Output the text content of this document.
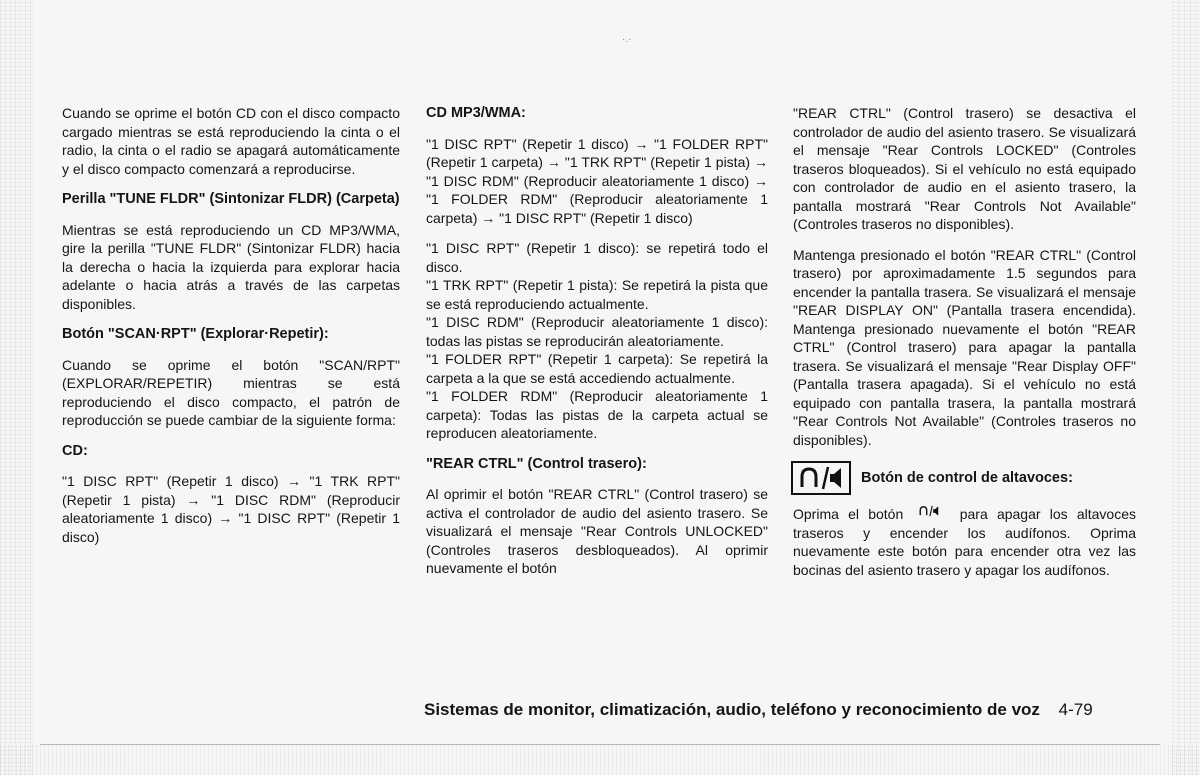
·.·

Cuando se oprime el botón CD con el disco compacto cargado mientras se está reproduciendo la cinta o el radio, la cinta o el radio se apagará automáticamente y el disco compacto comenzará a reproducirse.

Perilla "TUNE FLDR" (Sintonizar FLDR) (Carpeta)

Mientras se está reproduciendo un CD MP3/WMA, gire la perilla "TUNE FLDR" (Sintonizar FLDR) hacia la derecha o hacia la izquierda para explorar hacia adelante o hacia atrás a través de las carpetas disponibles.

Botón "SCAN·RPT" (Explorar·Repetir):

Cuando se oprime el botón "SCAN/RPT" (EXPLORAR/REPETIR) mientras se está reproduciendo el disco compacto, el patrón de reproducción se puede cambiar de la siguiente forma:

CD:

"1 DISC RPT" (Repetir 1 disco) → "1 TRK RPT" (Repetir 1 pista) → "1 DISC RDM" (Reproducir aleatoriamente 1 disco) → "1 DISC RPT" (Repetir 1 disco)

CD MP3/WMA:

"1 DISC RPT" (Repetir 1 disco) → "1 FOLDER RPT" (Repetir 1 carpeta) → "1 TRK RPT" (Repetir 1 pista) → "1 DISC RDM" (Reproducir aleatoriamente 1 disco) → "1 FOLDER RDM" (Reproducir aleatoriamente 1 carpeta) → "1 DISC RPT" (Repetir 1 disco)

"1 DISC RPT" (Repetir 1 disco): se repetirá todo el disco.

"1 TRK RPT" (Repetir 1 pista): Se repetirá la pista que se está reproduciendo actualmente.

"1 DISC RDM" (Reproducir aleatoriamente 1 disco): todas las pistas se reproducirán aleatoriamente.

"1 FOLDER RPT" (Repetir 1 carpeta): Se repetirá la carpeta a la que se está accediendo actualmente.

"1 FOLDER RDM" (Reproducir aleatoriamente 1 carpeta): Todas las pistas de la carpeta actual se reproducen aleatoriamente.

"REAR CTRL" (Control trasero):

Al oprimir el botón "REAR CTRL" (Control trasero) se activa el controlador de audio del asiento trasero. Se visualizará el mensaje "Rear Controls UNLOCKED" (Controles traseros desbloqueados). Al oprimir nuevamente el botón

"REAR CTRL" (Control trasero) se desactiva el controlador de audio del asiento trasero. Se visualizará el mensaje "Rear Controls LOCKED" (Controles traseros bloqueados). Si el vehículo no está equipado con controlador de audio en el asiento trasero, la pantalla mostrará "Rear Controls Not Available" (Controles traseros no disponibles).

Mantenga presionado el botón "REAR CTRL" (Control trasero) por aproximadamente 1.5 segundos para encender la pantalla trasera. Se visualizará el mensaje "REAR DISPLAY ON" (Pantalla trasera encendida). Mantenga presionado nuevamente el botón "REAR CTRL" (Control trasero) para apagar la pantalla trasera. Se visualizará el mensaje "Rear Display OFF" (Pantalla trasera apagada). Si el vehículo no está equipado con pantalla trasera, la pantalla mostrará "Rear Controls Not Available" (Controles traseros no disponibles).

Botón de control de altavoces:

Oprima el botón	para apagar los altavoces traseros y encender los audífonos. Oprima nuevamente este botón para encender otra vez las bocinas del asiento trasero y apagar los audífonos.

Sistemas de monitor, climatización, audio, teléfono y reconocimiento de voz 4-79
